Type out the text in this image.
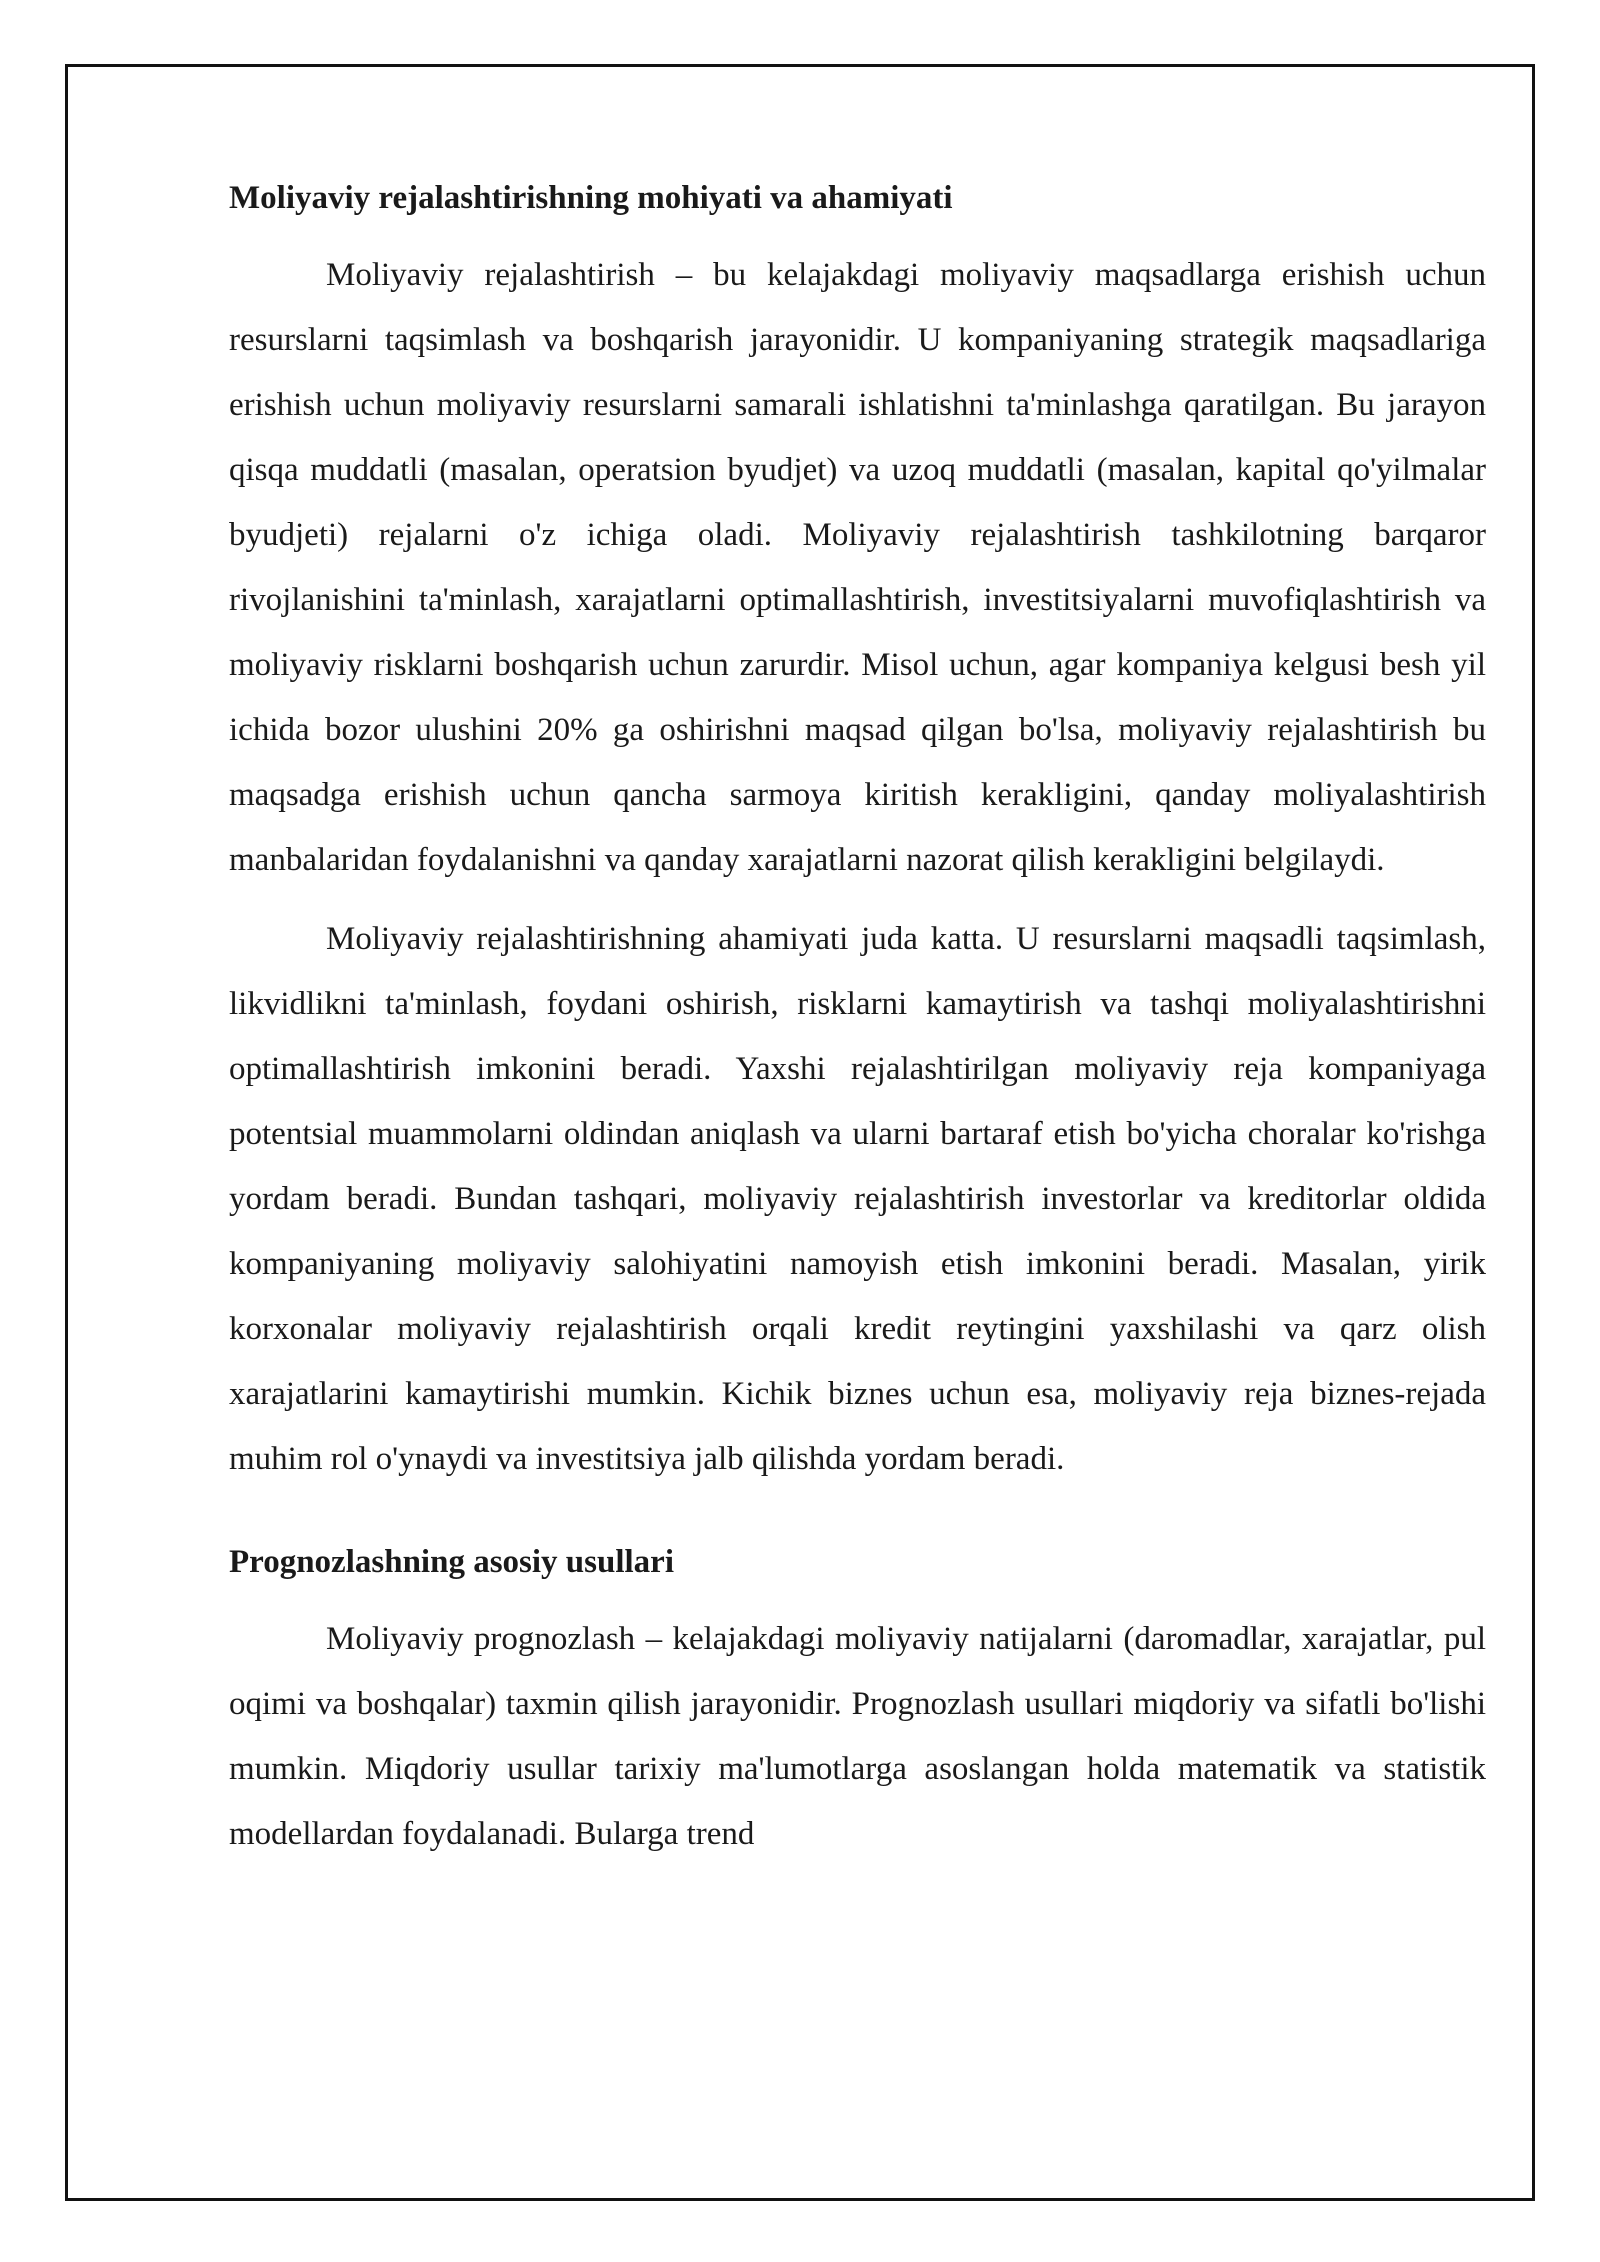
Moliyaviy rejalashtirishning mohiyati va ahamiyati

Moliyaviy rejalashtirish – bu kelajakdagi moliyaviy maqsadlarga erishish uchun resurslarni taqsimlash va boshqarish jarayonidir. U kompaniyaning strategik maqsadlariga erishish uchun moliyaviy resurslarni samarali ishlatishni ta'minlashga qaratilgan. Bu jarayon qisqa muddatli (masalan, operatsion byudjet) va uzoq muddatli (masalan, kapital qo'yilmalar byudjeti) rejalarni o'z ichiga oladi. Moliyaviy rejalashtirish tashkilotning barqaror rivojlanishini ta'minlash, xarajatlarni optimallashtirish, investitsiyalarni muvofiqlashtirish va moliyaviy risklarni boshqarish uchun zarurdir. Misol uchun, agar kompaniya kelgusi besh yil ichida bozor ulushini 20% ga oshirishni maqsad qilgan bo'lsa, moliyaviy rejalashtirish bu maqsadga erishish uchun qancha sarmoya kiritish kerakligini, qanday moliyalashtirish manbalaridan foydalanishni va qanday xarajatlarni nazorat qilish kerakligini belgilaydi.

Moliyaviy rejalashtirishning ahamiyati juda katta. U resurslarni maqsadli taqsimlash, likvidlikni ta'minlash, foydani oshirish, risklarni kamaytirish va tashqi moliyalashtirishni optimallashtirish imkonini beradi. Yaxshi rejalashtirilgan moliyaviy reja kompaniyaga potentsial muammolarni oldindan aniqlash va ularni bartaraf etish bo'yicha choralar ko'rishga yordam beradi. Bundan tashqari, moliyaviy rejalashtirish investorlar va kreditorlar oldida kompaniyaning moliyaviy salohiyatini namoyish etish imkonini beradi. Masalan, yirik korxonalar moliyaviy rejalashtirish orqali kredit reytingini yaxshilashi va qarz olish xarajatlarini kamaytirishi mumkin. Kichik biznes uchun esa, moliyaviy reja biznes-rejada muhim rol o'ynaydi va investitsiya jalb qilishda yordam beradi.

Prognozlashning asosiy usullari

Moliyaviy prognozlash – kelajakdagi moliyaviy natijalarni (daromadlar, xarajatlar, pul oqimi va boshqalar) taxmin qilish jarayonidir. Prognozlash usullari miqdoriy va sifatli bo'lishi mumkin. Miqdoriy usullar tarixiy ma'lumotlarga asoslangan holda matematik va statistik modellardan foydalanadi. Bularga trend
